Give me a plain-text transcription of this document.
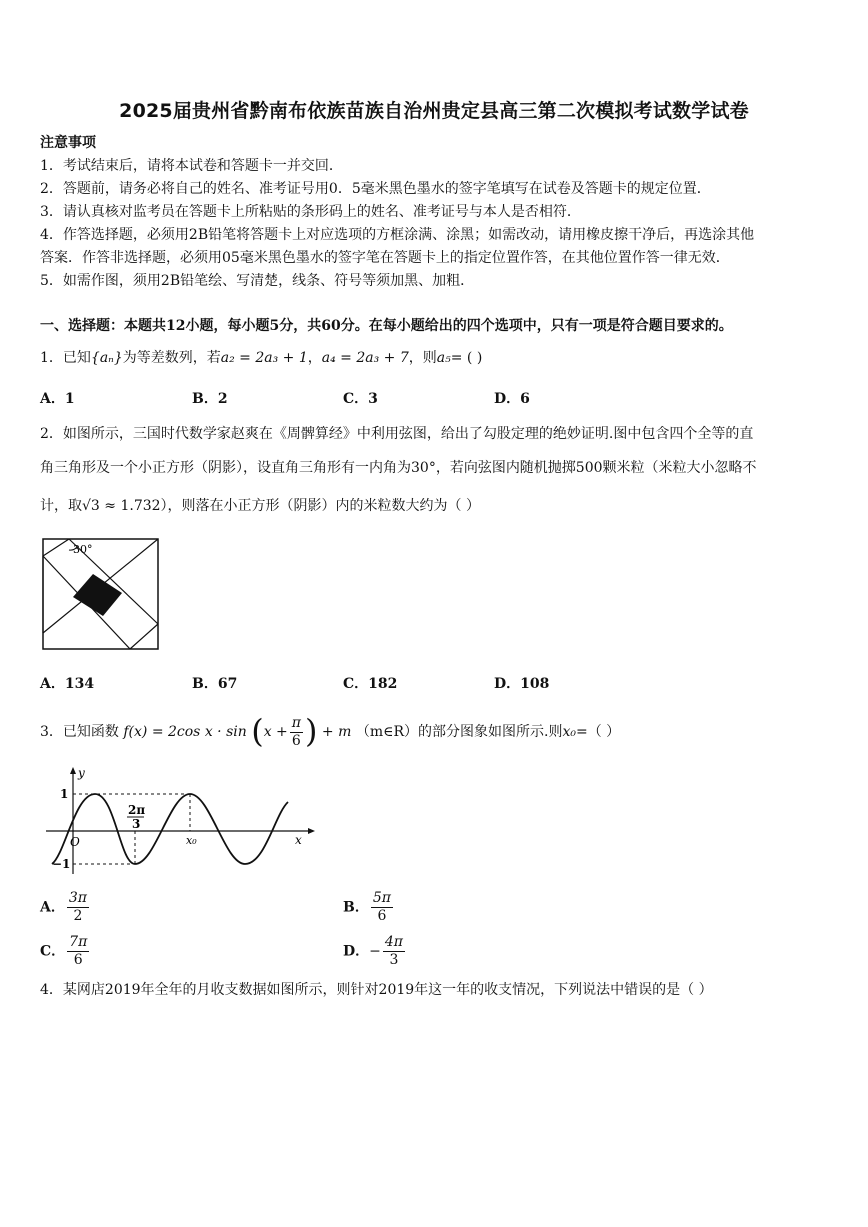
2025届贵州省黔南布依族苗族自治州贵定县高三第二次模拟考试数学试卷
注意事项
1．考试结束后，请将本试卷和答题卡一并交回．
2．答题前，请务必将自己的姓名、准考证号用0．5毫米黑色墨水的签字笔填写在试卷及答题卡的规定位置．
3．请认真核对监考员在答题卡上所粘贴的条形码上的姓名、准考证号与本人是否相符．
4．作答选择题，必须用2B铅笔将答题卡上对应选项的方框涂满、涂黑；如需改动，请用橡皮擦干净后，再选涂其他
答案．作答非选择题，必须用05毫米黑色墨水的签字笔在答题卡上的指定位置作答，在其他位置作答一律无效．
5．如需作图，须用2B铅笔绘、写清楚，线条、符号等须加黑、加粗．
一、选择题：本题共12小题，每小题5分，共60分。在每小题给出的四个选项中，只有一项是符合题目要求的。
1．已知{aₙ}为等差数列，若a₂ = 2a₃ + 1，a₄ = 2a₃ + 7，则a₅= ( )
A．1	B．2	C．3	D．6
2．如图所示，三国时代数学家赵爽在《周髀算经》中利用弦图，给出了勾股定理的绝妙证明.图中包含四个全等的直
角三角形及一个小正方形（阴影），设直角三角形有一内角为30°，若向弦图内随机抛掷500颗米粒（米粒大小忽略不
计，取√3 ≈ 1.732），则落在小正方形（阴影）内的米粒数大约为（ ）
30°
A．134	B．67	C．182	D．108
3．已知函数 f(x) = 2cos $x \cdot \sin (x + \frac{\pi}{6}$ ) + m （m∈R）的部分图象如图所示.则x₀=（ ）
y
x
O
1
−1
2π
3
x₀
A． $\frac{3\pi}{2}$	B． $\frac{5\pi}{6}$
C． $\frac{7\pi}{6}$	D．− $\frac{4\pi}{3}$
4．某网店2019年全年的月收支数据如图所示，则针对2019年这一年的收支情况，下列说法中错误的是（ ）
